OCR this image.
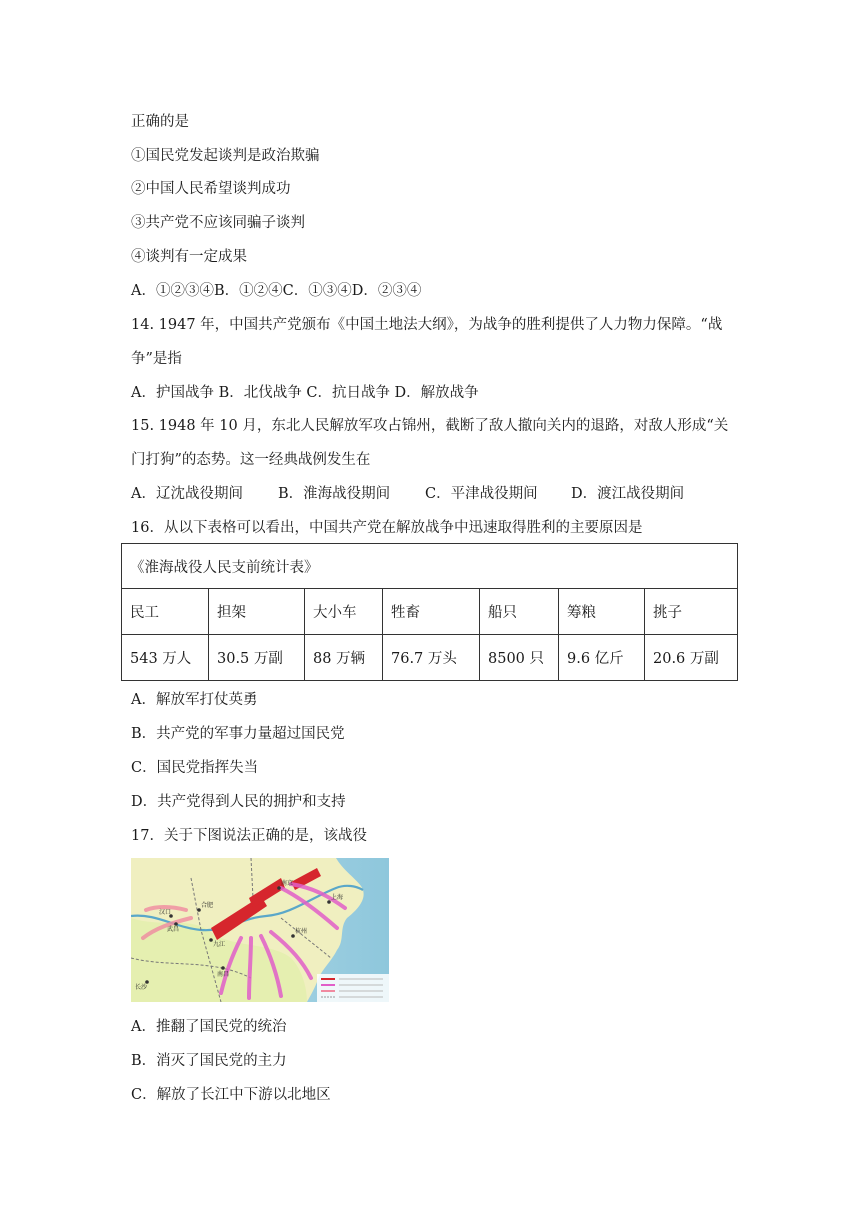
正确的是
①国民党发起谈判是政治欺骗
②中国人民希望谈判成功
③共产党不应该同骗子谈判
④谈判有一定成果
A．①②③④B．①②④C．①③④D．②③④
14. 1947 年，中国共产党颁布《中国土地法大纲》，为战争的胜利提供了人力物力保障。“战
争”是指
A．护国战争 B．北伐战争 C．抗日战争 D．解放战争
15. 1948 年 10 月，东北人民解放军攻占锦州，截断了敌人撤向关内的退路，对敌人形成“关
门打狗”的态势。这一经典战例发生在
A．辽沈战役期间 B．淮海战役期间 C．平津战役期间 D．渡江战役期间
16．从以下表格可以看出，中国共产党在解放战争中迅速取得胜利的主要原因是
《淮海战役人民支前统计表》						
民工	担架	大小车	牲畜	船只	筹粮	挑子
543 万人	30.5 万副	88 万辆	76.7 万头	8500 只	9.6 亿斤	20.6 万副
A．解放军打仗英勇
B．共产党的军事力量超过国民党
C．国民党指挥失当
D．共产党得到人民的拥护和支持
17．关于下图说法正确的是，该战役
合肥
南京
上海
汉口
武昌
九江
杭州
南昌
长沙
A．推翻了国民党的统治
B．消灭了国民党的主力
C．解放了长江中下游以北地区
